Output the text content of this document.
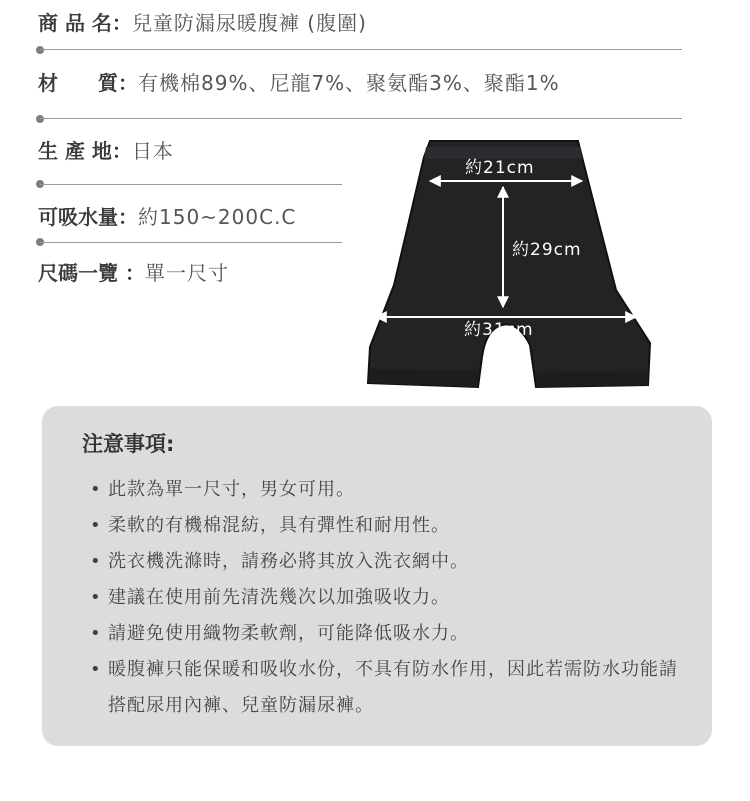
商 品 名：兒童防漏尿暖腹褲 (腹圍)
材　　質：有機棉89%、尼龍7%、聚氨酯3%、聚酯1%
生 產 地：日本
可吸水量：約150~200C.C
尺碼一覽 ：單一尺寸
約21cm
約29cm
約31cm
注意事項:
• 此款為單一尺寸，男女可用。
• 柔軟的有機棉混紡，具有彈性和耐用性。
• 洗衣機洗滌時，請務必將其放入洗衣網中。
• 建議在使用前先清洗幾次以加強吸收力。
• 請避免使用織物柔軟劑，可能降低吸水力。
• 暖腹褲只能保暖和吸收水份，不具有防水作用，因此若需防水功能請搭配尿用內褲、兒童防漏尿褲。
